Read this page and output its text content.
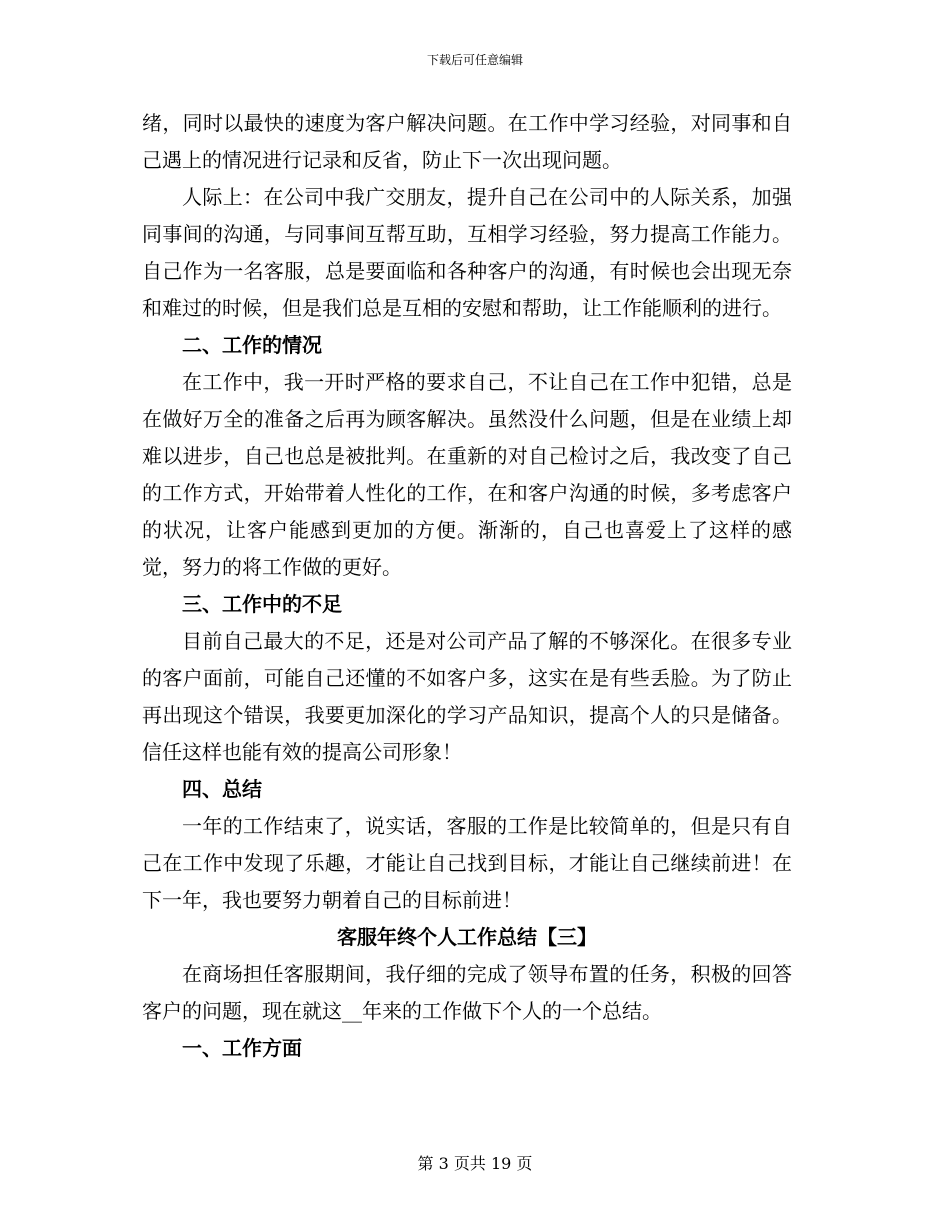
下载后可任意编辑

绪，同时以最快的速度为客户解决问题。在工作中学习经验，对同事和自己遇上的情况进行记录和反省，防止下一次出现问题。

人际上：在公司中我广交朋友，提升自己在公司中的人际关系，加强同事间的沟通，与同事间互帮互助，互相学习经验，努力提高工作能力。自己作为一名客服，总是要面临和各种客户的沟通，有时候也会出现无奈和难过的时候，但是我们总是互相的安慰和帮助，让工作能顺利的进行。

二、工作的情况

在工作中，我一开时严格的要求自己，不让自己在工作中犯错，总是在做好万全的准备之后再为顾客解决。虽然没什么问题，但是在业绩上却难以进步，自己也总是被批判。在重新的对自己检讨之后，我改变了自己的工作方式，开始带着人性化的工作，在和客户沟通的时候，多考虑客户的状况，让客户能感到更加的方便。渐渐的，自己也喜爱上了这样的感觉，努力的将工作做的更好。

三、工作中的不足

目前自己最大的不足，还是对公司产品了解的不够深化。在很多专业的客户面前，可能自己还懂的不如客户多，这实在是有些丢脸。为了防止再出现这个错误，我要更加深化的学习产品知识，提高个人的只是储备。信任这样也能有效的提高公司形象！

四、总结

一年的工作结束了，说实话，客服的工作是比较简单的，但是只有自己在工作中发现了乐趣，才能让自己找到目标，才能让自己继续前进！在下一年，我也要努力朝着自己的目标前进！

客服年终个人工作总结【三】

在商场担任客服期间，我仔细的完成了领导布置的任务，积极的回答客户的问题，现在就这__年来的工作做下个人的一个总结。

一、工作方面
第 3 页共 19 页
